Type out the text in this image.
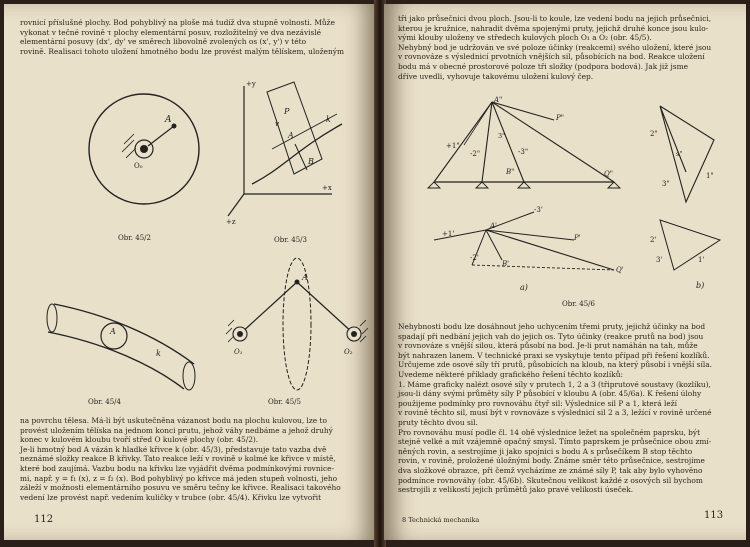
rovnicí příslušné plochy. Bod pohyblivý na ploše má tudíž dva stupně volnosti. Může

vykonat v tečné rovině τ plochy elementární posuv, rozložitelný ve dva nezávislé

elementární posuvy (dx', dy' ve směrech libovolně zvolených os (x', y') v této

rovině. Realisaci tohoto uložení hmotného bodu lze provést malým tělískem, uloženým

A
O₀
Obr. 45/2
+y
+x
+z
P
v
A
k
B
Obr. 45/3
A
k
Obr. 45/4
A
O₁	O₂
Obr. 45/5

na povrchu tělesa. Má-li být uskutečněna vázanost bodu na plochu kulovou, lze to

provést uložením tělíska na jednom konci prutu, jehož váhy nedbáme a jehož druhý

konec v kulovém kloubu tvoří střed O kulové plochy (obr. 45/2).

Je-li hmotný bod A vázán k hladké křivce k (obr. 45/3), představuje tato vazba dvě

neznámé složky reakce B křivky. Tato reakce leží v rovině ν kolmé ke křivce v místě,

které bod zaujímá. Vazbu bodu na křivku lze vyjádřit dvěma podmínkovými rovnice-

mi, např. y = f₁ (x), z = f₂ (x). Bod pohyblivý po křivce má jeden stupeň volnosti, jeho

záleží v možnosti elementárního posuvu ve směru tečny ke křivce. Realisaci takového

vedení lze provést např. vedením kuličky v trubce (obr. 45/4). Křivku lze vytvořit

112

tři jako průsečnici dvou ploch. Jsou-li to koule, lze vedení bodu na jejich průsečnici,

kterou je kružnice, nahradit dvěma spojenými pruty, jejichž druhé konce jsou kulo-

vými klouby uloženy ve středech kulových ploch O₁ a O₂ (obr. 45/5).

Nehybný bod je udržován ve své poloze účinky (reakcemi) svého uložení, které jsou

v rovnováze s výslednicí prvotních vnějších sil, působících na bod. Reakce uložení

bodu má v obecné prostorové poloze tři složky (podpora bodová). Jak již jsme

dříve uvedli, vyhovuje takovému uložení kulový čep.

A"
P"
+1"
-2"	-3"
3"
B"	Q"
+1'
A'
B'
P'
Q'
-3'
-2'
a)
2"
s"
3"
1"
2'
3'	1'
b)
Obr. 45/6

Nehybnosti bodu lze dosáhnout jeho uchycením třemi pruty, jejichž účinky na bod

spadají při nedbání jejich vah do jejich os. Tyto účinky (reakce prutů na bod) jsou

v rovnováze s vnější silou, která působí na bod. Je-li prut namáhán na tah, může

být nahrazen lanem. V technické praxi se vyskytuje tento případ při řešení kozlíků.

Určujeme zde osové síly tří prutů, působících na kloub, na který působí i vnější síla.

Uvedeme některé příklady grafického řešení těchto kozlíků:

1. Máme graficky nalézt osové síly v prutech 1, 2 a 3 (třiprutové soustavy (kozlíku),

jsou-li dány svými průměty síly P působící v kloubu A (obr. 45/6a). K řešení úlohy

použijeme podmínky pro rovnováhu čtyř sil: Výslednice sil P a 1, která leží

v rovině těchto sil, musí být v rovnováze s výslednicí sil 2 a 3, ležící v rovině určené

pruty těchto dvou sil.

Pro rovnováhu musí podle čl. 14 obě výslednice ležet na společném paprsku, být

stejně velké a mít vzájemně opačný smysl. Tímto paprskem je průsečnice obou zmí-

něných rovin, a sestrojíme ji jako spojnici s bodu A s průsečíkem B stop těchto

rovin, v rovině, proložené úložnými body. Známe směr této průsečnice, sestrojíme

dva složkové obrazce, při čemž vycházíme ze známé síly P, tak aby bylo vyhověno

podmínce rovnováhy (obr. 45/6b). Skutečnou velikost každé z osových sil bychom

sestrojili z velikostí jejich průmětů jako pravé velikosti úseček.

8 Technická mechanika	113
